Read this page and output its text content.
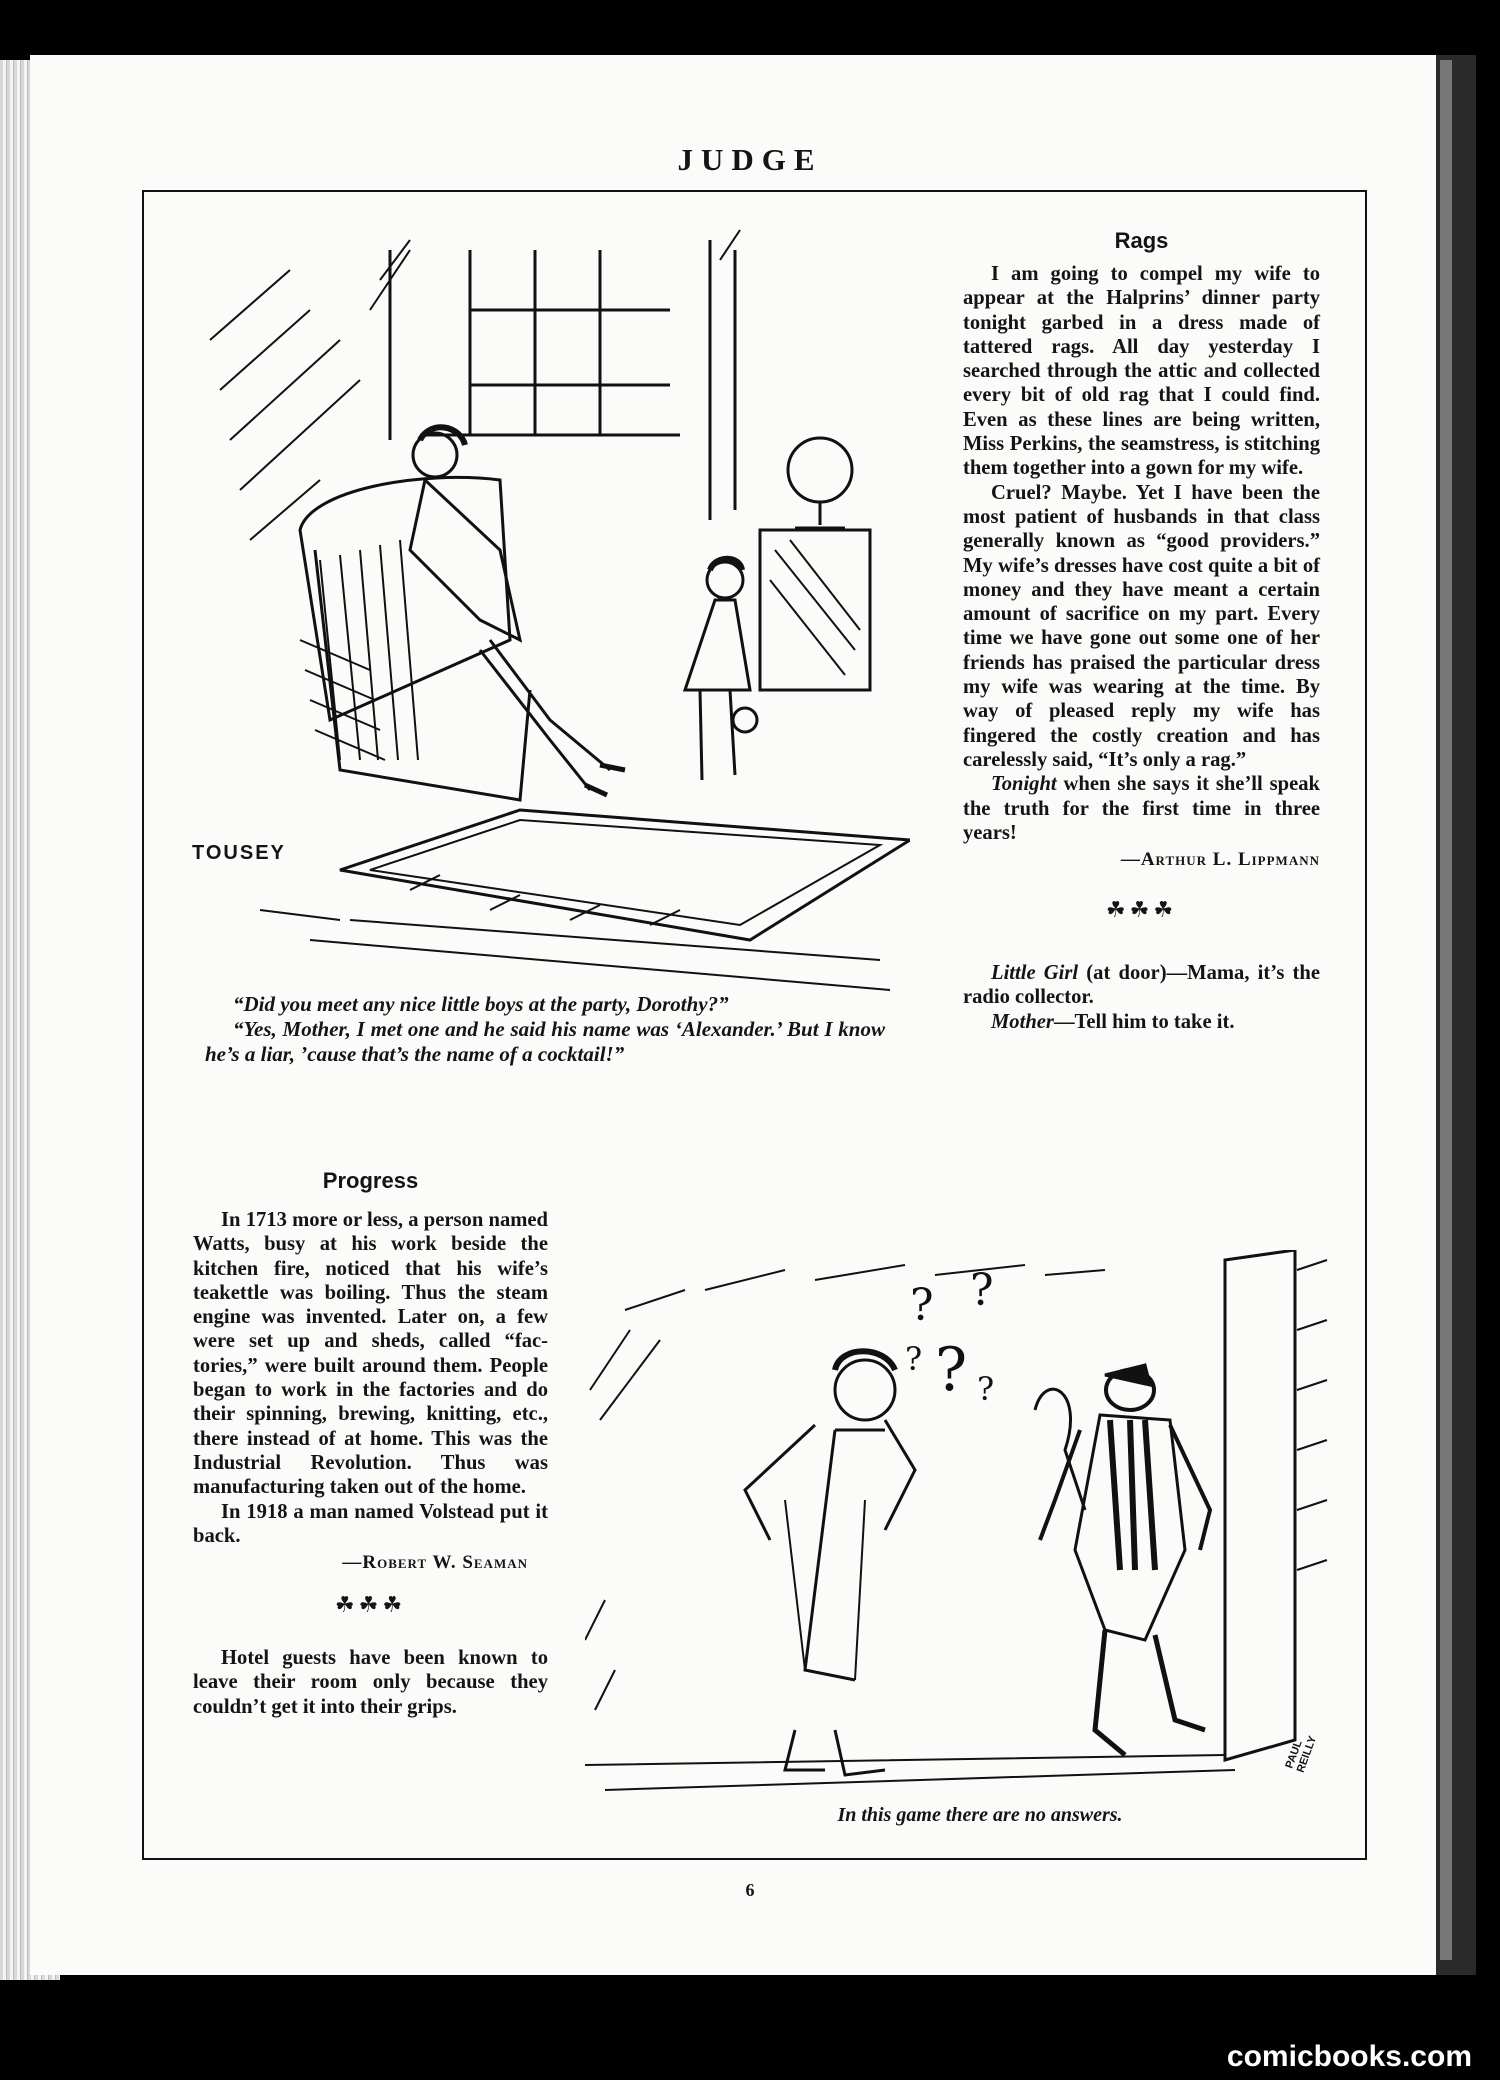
JUDGE
TOUSEY

“Did you meet any nice little boys at the party, Dorothy?”

“Yes, Mother, I met one and he said his name was ‘Alexander.’ But I know he’s a liar, ’cause that’s the name of a cocktail!”

Rags

I am going to compel my wife to appear at the Halprins’ dinner party tonight garbed in a dress made of tattered rags. All day yesterday I searched through the attic and collected every bit of old rag that I could find. Even as these lines are being written, Miss Perkins, the seamstress, is stitching them together into a gown for my wife.

Cruel? Maybe. Yet I have been the most patient of husbands in that class generally known as “good providers.” My wife’s dresses have cost quite a bit of money and they have meant a certain amount of sacrifice on my part. Every time we have gone out some one of her friends has praised the particular dress my wife was wearing at the time. By way of pleased reply my wife has fingered the costly creation and has carelessly said, “It’s only a rag.”

Tonight when she says it she’ll speak the truth for the first time in three years!

—Arthur L. Lippmann
☘☘☘

Little Girl (at door)—Mama, it’s the radio collector.

Mother—Tell him to take it.

Progress

In 1713 more or less, a person named Watts, busy at his work beside the kitchen fire, noticed that his wife’s teakettle was boiling. Thus the steam engine was invented. Later on, a few were set up and sheds, called “factories,” were built around them. People began to work in the factories and do their spinning, brewing, knitting, etc., there instead of at home. This was the Industrial Revolution. Thus was manufacturing taken out of the home.

In 1918 a man named Volstead put it back.

—Robert W. Seaman
☘☘☘

Hotel guests have been known to leave their room only because they couldn’t get it into their grips.

? ?
? ? ?
PAUL REILLY
In this game there are no answers.
6
comicbooks.com
